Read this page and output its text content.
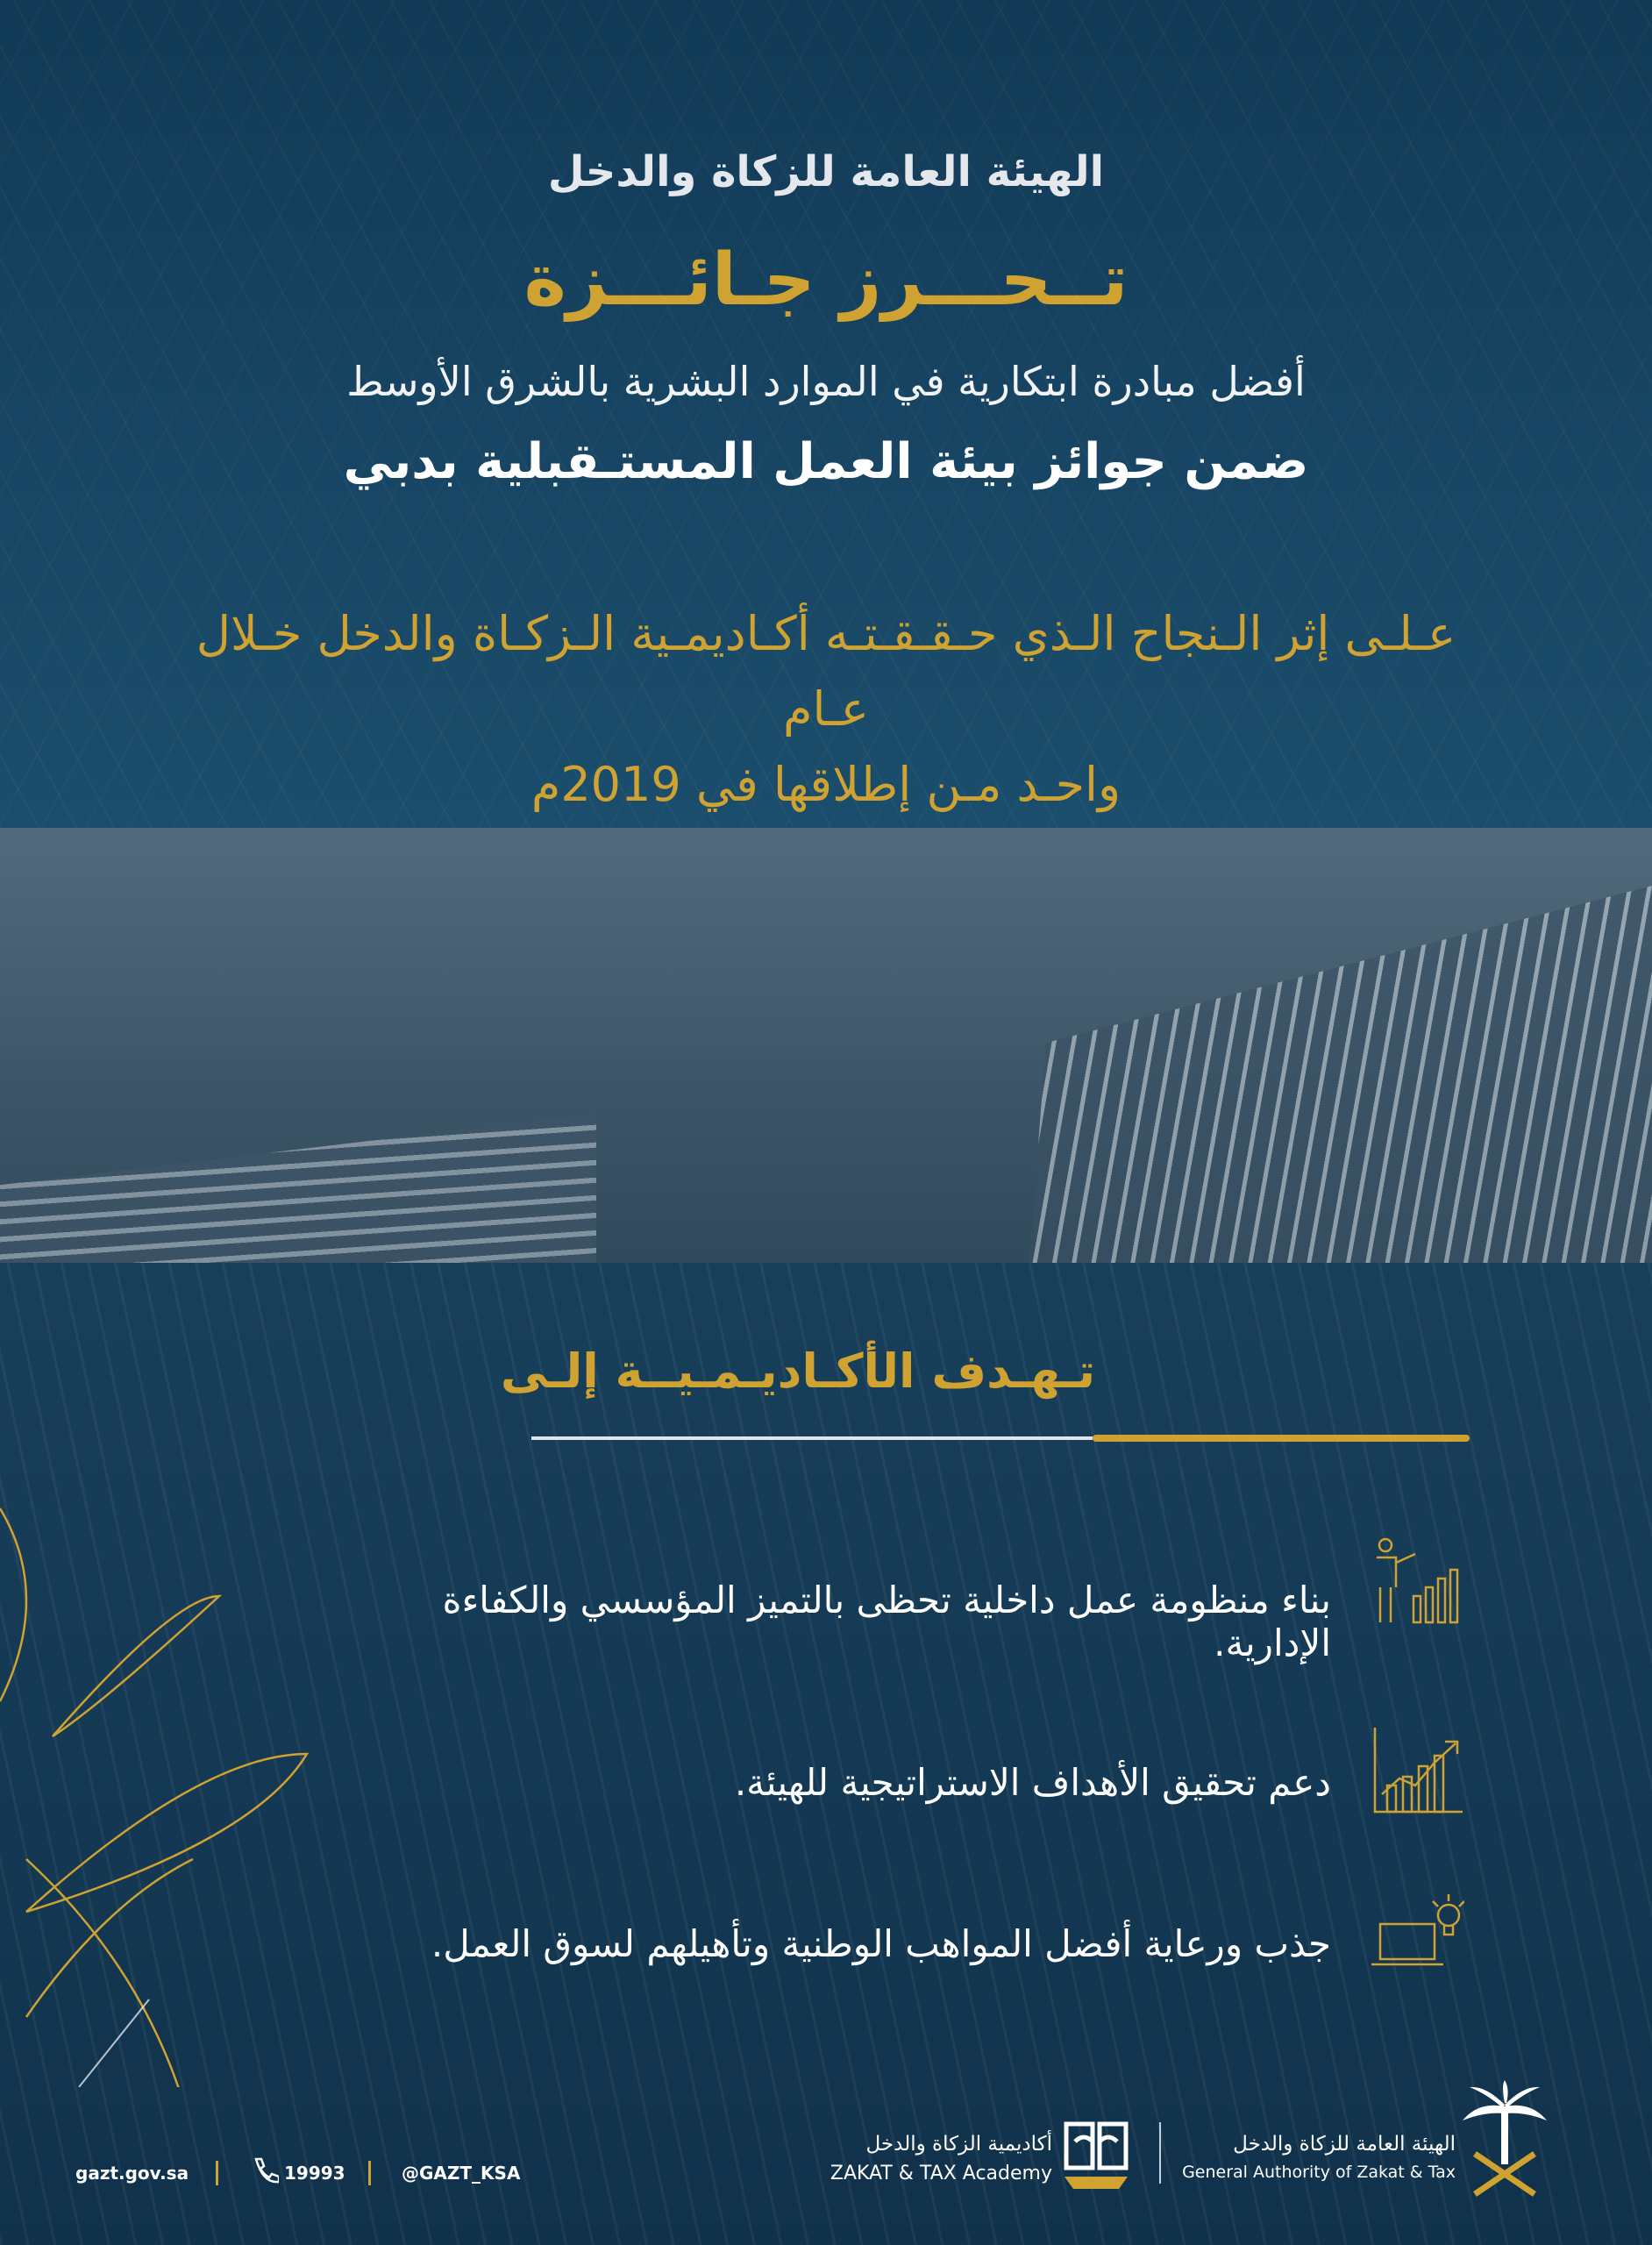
الهيئة العامة للزكاة والدخل
تــحـــرز جـائـــزة
أفضل مبادرة ابتكارية في الموارد البشرية بالشرق الأوسط
ضمن جوائز بيئة العمل المستـقبلية بدبي
عـلـى إثر الـنجاح الـذي حـقـقـتـه أكـاديمـية الـزكـاة والدخل خـلال عـام
واحـد مـن إطلاقها في 2019م
تـهـدف الأكـاديـمـيــة إلـى
بناء منظومة عمل داخلية تحظى بالتميز المؤسسي والكفاءة الإدارية.
دعم تحقيق الأهداف الاستراتيجية للهيئة.
جذب ورعاية أفضل المواهب الوطنية وتأهيلهم لسوق العمل.
gazt.gov.sa	19993	@GAZT_KSA
أكاديمية الزكاة والدخل
ZAKAT & TAX Academy
الهيئة العامة للزكاة والدخل
General Authority of Zakat & Tax
